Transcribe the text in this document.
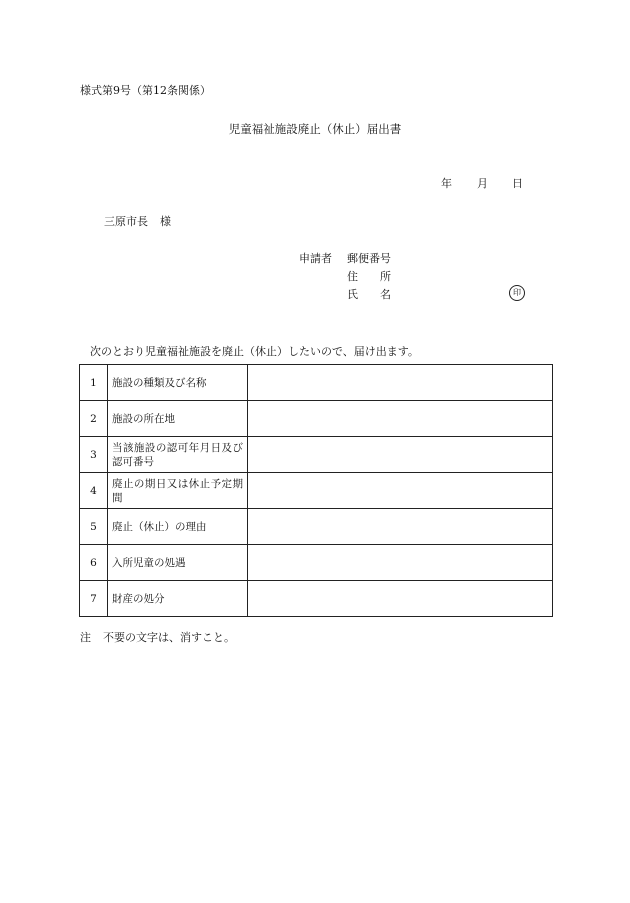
様式第9号（第12条関係）
児童福祉施設廃止（休止）届出書
年 月 日
三原市長 様
申請者 郵便番号
住　　所
氏　　名	印
次のとおり児童福祉施設を廃止（休止）したいので、届け出ます。
1	施設の種類及び名称	
2	施設の所在地	
3	当該施設の認可年月日及び認可番号	
4	廃止の期日又は休止予定期間	
5	廃止（休止）の理由	
6	入所児童の処遇	
7	財産の処分	
注 不要の文字は、消すこと。
